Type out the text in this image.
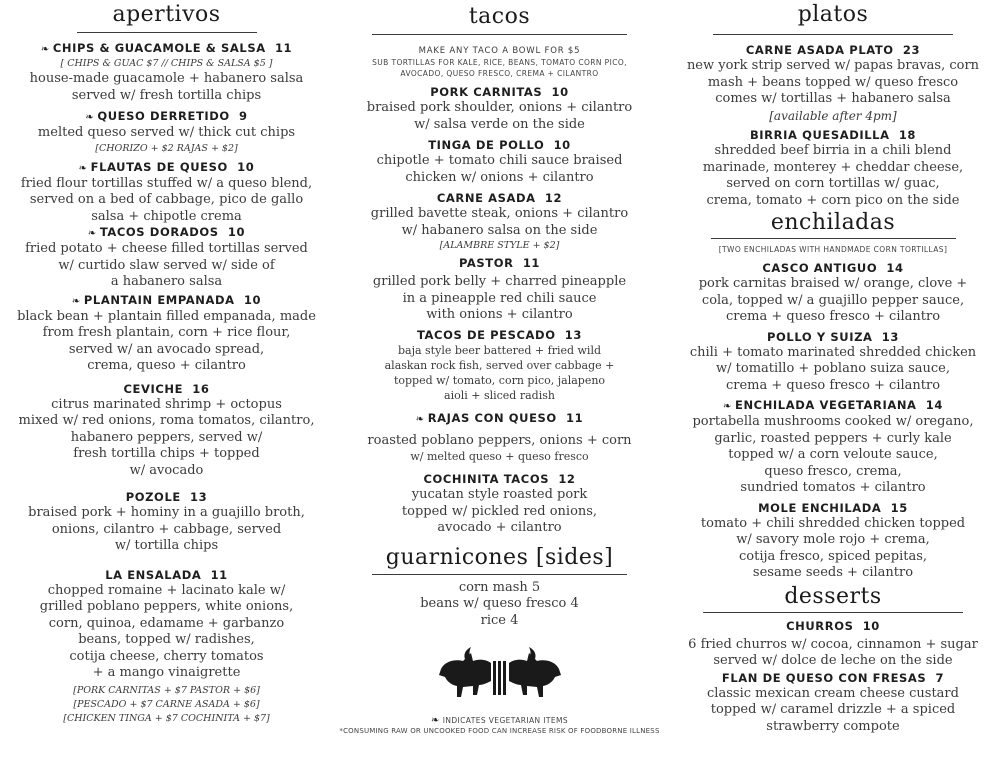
apertivos
❧ CHIPS & GUACAMOLE & SALSA 11
[ CHIPS & GUAC $7 // CHIPS & SALSA $5 ]
house-made guacamole + habanero salsa
served w/ fresh tortilla chips
❧ QUESO DERRETIDO 9
melted queso served w/ thick cut chips
[CHORIZO + $2 RAJAS + $2]
❧ FLAUTAS DE QUESO 10
fried flour tortillas stuffed w/ a queso blend,
served on a bed of cabbage, pico de gallo
salsa + chipotle crema
❧ TACOS DORADOS 10
fried potato + cheese filled tortillas served
w/ curtido slaw served w/ side of
a habanero salsa
❧ PLANTAIN EMPANADA 10
black bean + plantain filled empanada, made
from fresh plantain, corn + rice flour,
served w/ an avocado spread,
crema, queso + cilantro
CEVICHE 16
citrus marinated shrimp + octopus
mixed w/ red onions, roma tomatos, cilantro,
habanero peppers, served w/
fresh tortilla chips + topped
w/ avocado
POZOLE 13
braised pork + hominy in a guajillo broth,
onions, cilantro + cabbage, served
w/ tortilla chips
LA ENSALADA 11
chopped romaine + lacinato kale w/
grilled poblano peppers, white onions,
corn, quinoa, edamame + garbanzo
beans, topped w/ radishes,
cotija cheese, cherry tomatos
+ a mango vinaigrette
[PORK CARNITAS + $7 PASTOR + $6]
[PESCADO + $7 CARNE ASADA + $6]
[CHICKEN TINGA + $7 COCHINITA + $7]
tacos
MAKE ANY TACO A BOWL FOR $5
SUB TORTILLAS FOR KALE, RICE, BEANS, TOMATO CORN PICO,
AVOCADO, QUESO FRESCO, CREMA + CILANTRO
PORK CARNITAS 10
braised pork shoulder, onions + cilantro
w/ salsa verde on the side
TINGA DE POLLO 10
chipotle + tomato chili sauce braised
chicken w/ onions + cilantro
CARNE ASADA 12
grilled bavette steak, onions + cilantro
w/ habanero salsa on the side
[ALAMBRE STYLE + $2]
PASTOR 11
grilled pork belly + charred pineapple
in a pineapple red chili sauce
with onions + cilantro
TACOS DE PESCADO 13
baja style beer battered + fried wild
alaskan rock fish, served over cabbage +
topped w/ tomato, corn pico, jalapeno
aioli + sliced radish
❧ RAJAS CON QUESO 11
roasted poblano peppers, onions + corn
w/ melted queso + queso fresco
COCHINITA TACOS 12
yucatan style roasted pork
topped w/ pickled red onions,
avocado + cilantro
guarnicones [sides]
corn mash 5
beans w/ queso fresco 4
rice 4
❧ INDICATES VEGETARIAN ITEMS
*CONSUMING RAW OR UNCOOKED FOOD CAN INCREASE RISK OF FOODBORNE ILLNESS
platos
CARNE ASADA PLATO 23
new york strip served w/ papas bravas, corn
mash + beans topped w/ queso fresco
comes w/ tortillas + habanero salsa
[available after 4pm]
BIRRIA QUESADILLA 18
shredded beef birria in a chili blend
marinade, monterey + cheddar cheese,
served on corn tortillas w/ guac,
crema, tomato + corn pico on the side
enchiladas
[TWO ENCHILADAS WITH HANDMADE CORN TORTILLAS]
CASCO ANTIGUO 14
pork carnitas braised w/ orange, clove +
cola, topped w/ a guajillo pepper sauce,
crema + queso fresco + cilantro
POLLO Y SUIZA 13
chili + tomato marinated shredded chicken
w/ tomatillo + poblano suiza sauce,
crema + queso fresco + cilantro
❧ ENCHILADA VEGETARIANA 14
portabella mushrooms cooked w/ oregano,
garlic, roasted peppers + curly kale
topped w/ a corn veloute sauce,
queso fresco, crema,
sundried tomatos + cilantro
MOLE ENCHILADA 15
tomato + chili shredded chicken topped
w/ savory mole rojo + crema,
cotija fresco, spiced pepitas,
sesame seeds + cilantro
desserts
CHURROS 10
6 fried churros w/ cocoa, cinnamon + sugar
served w/ dolce de leche on the side
FLAN DE QUESO CON FRESAS 7
classic mexican cream cheese custard
topped w/ caramel drizzle + a spiced
strawberry compote
